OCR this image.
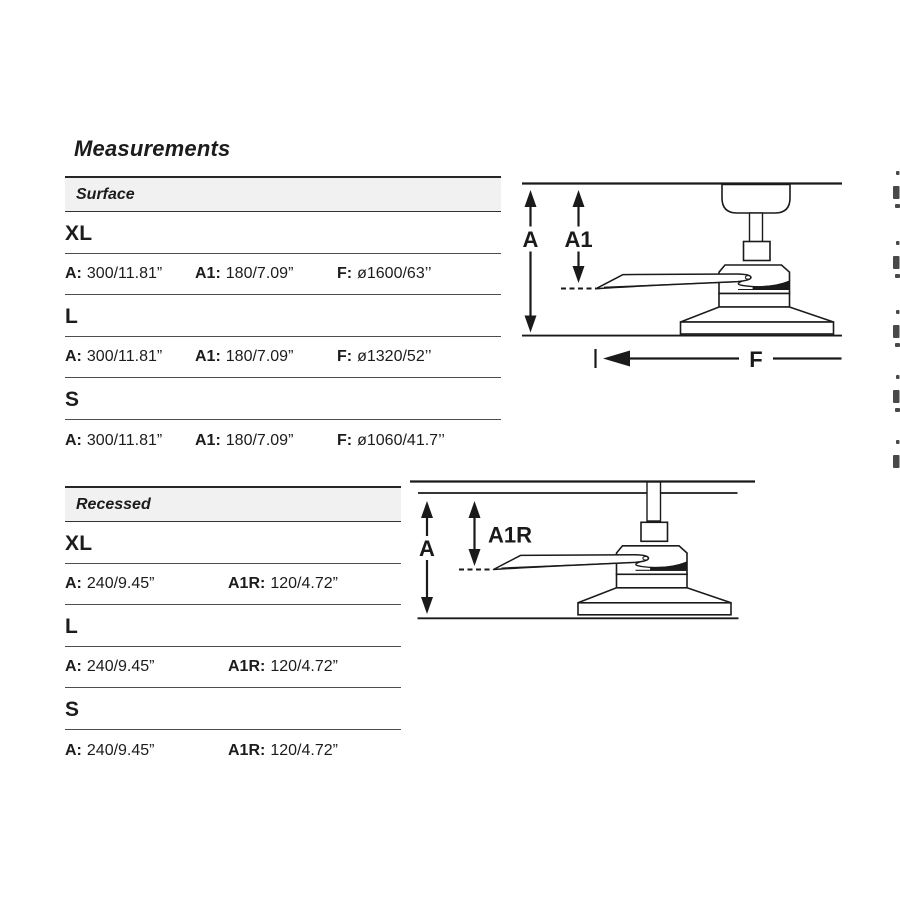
Measurements
Surface
XL
A: 300/11.81” A1: 180/7.09”	F: ø1600/63’’
L
A: 300/11.81” A1: 180/7.09”	F: ø1320/52’’
S
A: 300/11.81” A1: 180/7.09”	F: ø1060/41.7’’
Recessed
XL
A: 240/9.45”	A1R: 120/4.72”
L
A: 240/9.45”	A1R: 120/4.72”
S
A: 240/9.45”	A1R: 120/4.72”
A A1
F
A
A1R
